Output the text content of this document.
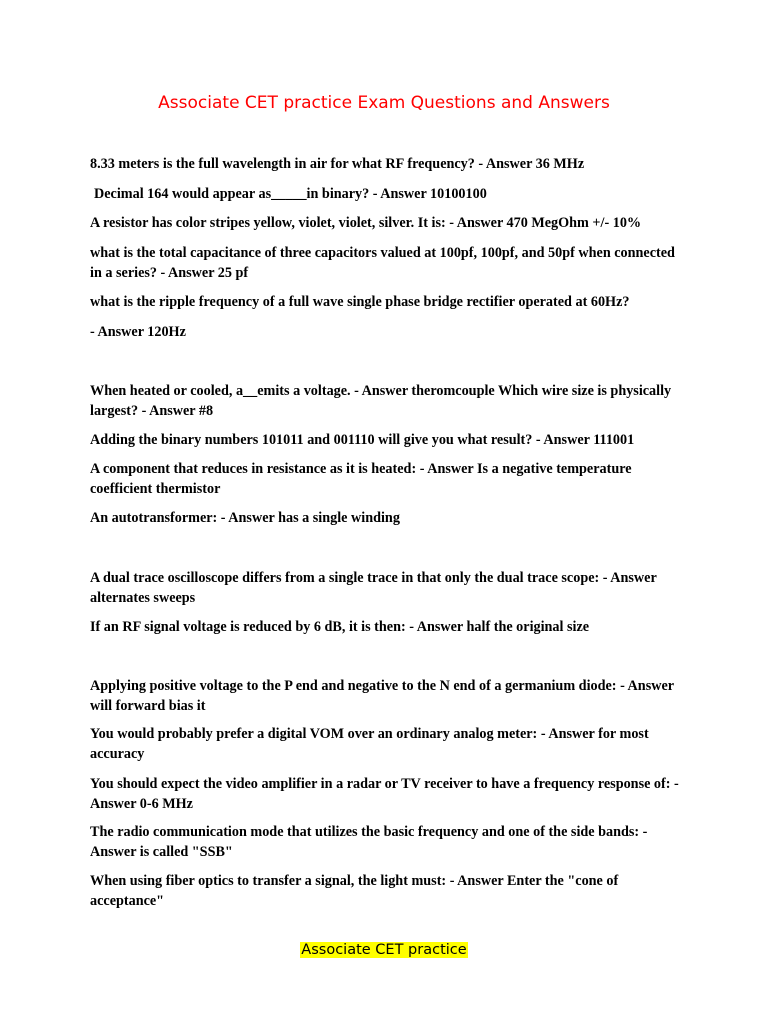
Associate CET practice Exam Questions and Answers

8.33 meters is the full wavelength in air for what RF frequency? - Answer 36 MHz

Decimal 164 would appear as_____in binary? - Answer 10100100

A resistor has color stripes yellow, violet, violet, silver. It is: - Answer 470 MegOhm +/- 10%

what is the total capacitance of three capacitors valued at 100pf, 100pf, and 50pf when connected in a series? - Answer 25 pf

what is the ripple frequency of a full wave single phase bridge rectifier operated at 60Hz?

- Answer 120Hz

When heated or cooled, a__emits a voltage. - Answer theromcouple Which wire size is physically largest? - Answer #8

Adding the binary numbers 101011 and 001110 will give you what result? - Answer 111001

A component that reduces in resistance as it is heated: - Answer Is a negative temperature coefficient thermistor

An autotransformer: - Answer has a single winding

A dual trace oscilloscope differs from a single trace in that only the dual trace scope: - Answer alternates sweeps

If an RF signal voltage is reduced by 6 dB, it is then: - Answer half the original size

Applying positive voltage to the P end and negative to the N end of a germanium diode: - Answer will forward bias it

You would probably prefer a digital VOM over an ordinary analog meter: - Answer for most accuracy

You should expect the video amplifier in a radar or TV receiver to have a frequency response of: - Answer 0-6 MHz

The radio communication mode that utilizes the basic frequency and one of the side bands: - Answer is called "SSB"

When using fiber optics to transfer a signal, the light must: - Answer Enter the "cone of acceptance"

Associate CET practice
